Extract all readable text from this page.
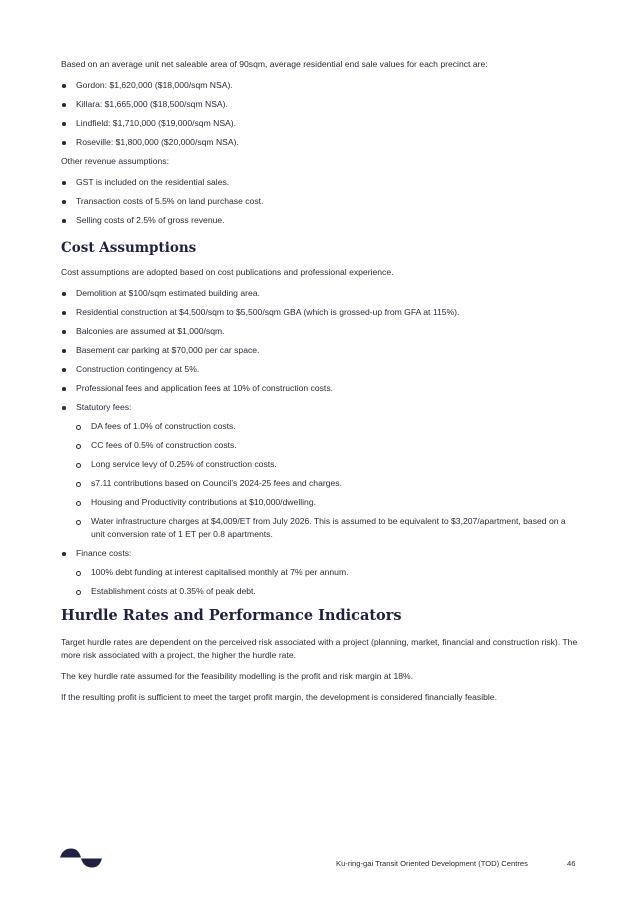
Based on an average unit net saleable area of 90sqm, average residential end sale values for each precinct are:

Gordon: $1,620,000 ($18,000/sqm NSA).
Killara: $1,665,000 ($18,500/sqm NSA).
Lindfield: $1,710,000 ($19,000/sqm NSA).
Roseville: $1,800,000 ($20,000/sqm NSA).

Other revenue assumptions:

GST is included on the residential sales.
Transaction costs of 5.5% on land purchase cost.
Selling costs of 2.5% of gross revenue.
Cost Assumptions

Cost assumptions are adopted based on cost publications and professional experience.

Demolition at $100/sqm estimated building area.
Residential construction at $4,500/sqm to $5,500/sqm GBA (which is grossed-up from GFA at 115%).
Balconies are assumed at $1,000/sqm.
Basement car parking at $70,000 per car space.
Construction contingency at 5%.
Professional fees and application fees at 10% of construction costs.
Statutory fees:
DA fees of 1.0% of construction costs.
CC fees of 0.5% of construction costs.
Long service levy of 0.25% of construction costs.
s7.11 contributions based on Council’s 2024-25 fees and charges.
Housing and Productivity contributions at $10,000/dwelling.
Water infrastructure charges at $4,009/ET from July 2026. This is assumed to be equivalent to $3,207/apartment, based on a unit conversion rate of 1 ET per 0.8 apartments.
Finance costs:
100% debt funding at interest capitalised monthly at 7% per annum.
Establishment costs at 0.35% of peak debt.
Hurdle Rates and Performance Indicators

Target hurdle rates are dependent on the perceived risk associated with a project (planning, market, financial and construction risk). The more risk associated with a project, the higher the hurdle rate.

The key hurdle rate assumed for the feasibility modelling is the profit and risk margin at 18%.

If the resulting profit is sufficient to meet the target profit margin, the development is considered financially feasible.

Ku-ring-gai Transit Oriented Development (TOD) Centres	46
